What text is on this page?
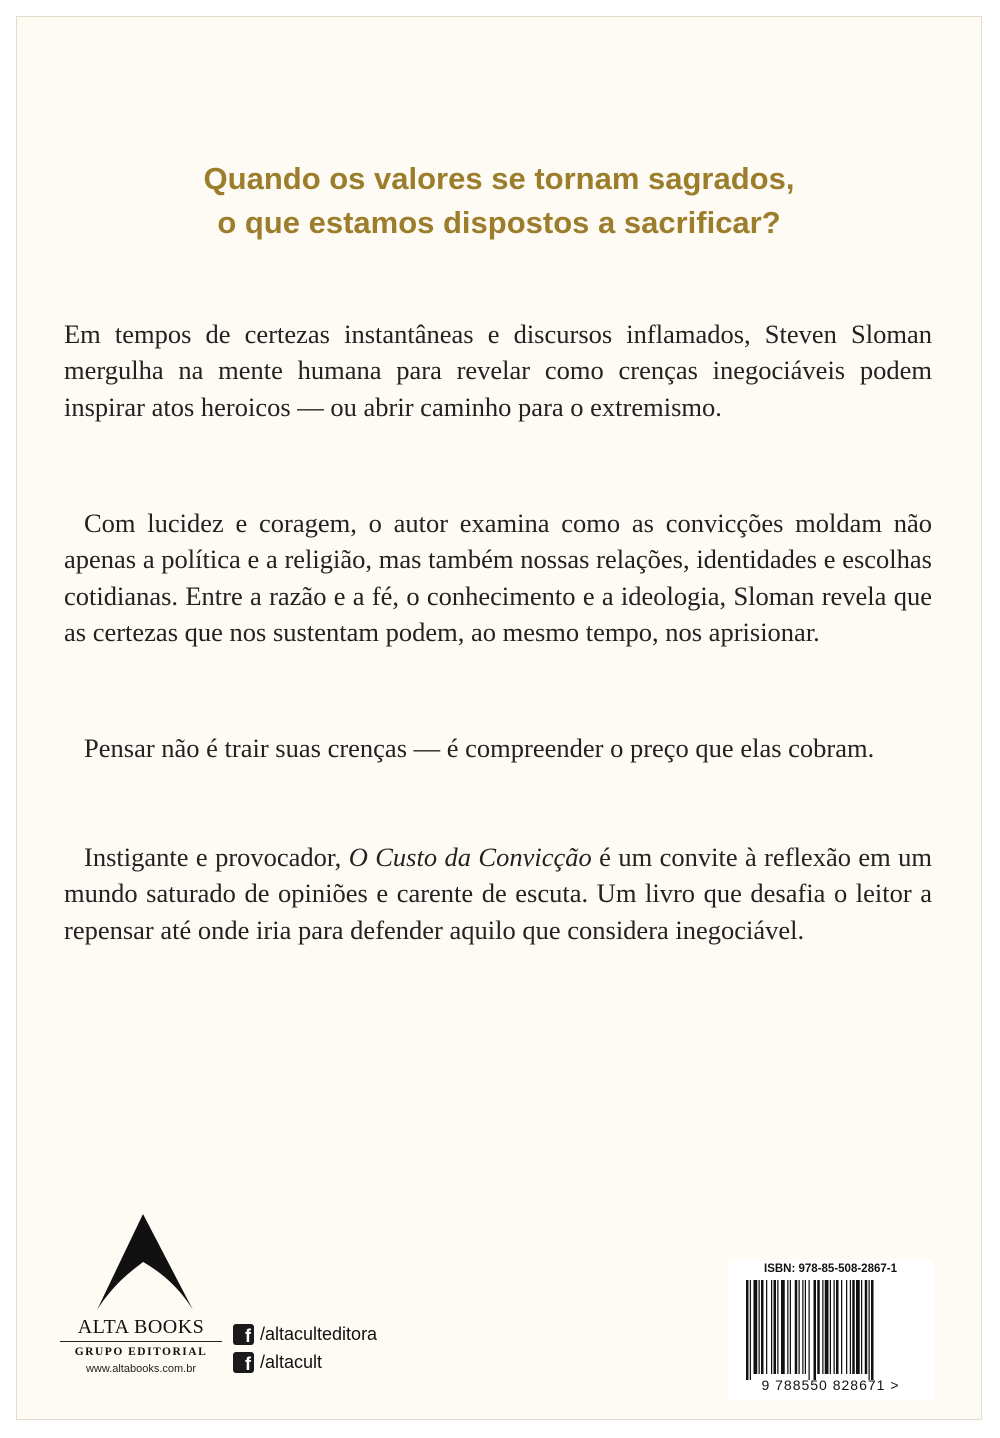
Quando os valores se tornam sagrados,
o que estamos dispostos a sacrificar?
Em tempos de certezas instantâneas e discursos inflamados, Steven Sloman mergulha na mente humana para revelar como crenças inegociáveis podem inspirar atos heroicos — ou abrir caminho para o extremismo.
Com lucidez e coragem, o autor examina como as convicções moldam não apenas a política e a religião, mas também nossas relações, identidades e escolhas cotidianas. Entre a razão e a fé, o conhecimento e a ideologia, Sloman revela que as certezas que nos sustentam podem, ao mesmo tempo, nos aprisionar.
Pensar não é trair suas crenças — é compreender o preço que elas cobram.
Instigante e provocador, O Custo da Convicção é um convite à reflexão em um mundo saturado de opiniões e carente de escuta. Um livro que desafia o leitor a repensar até onde iria para defender aquilo que considera inegociável.
ALTA BOOKS
GRUPO EDITORIAL
www.altabooks.com.br
f /altaculteditora
f /altacult
ISBN: 978-85-508-2867-1
9 788550 828671 >
